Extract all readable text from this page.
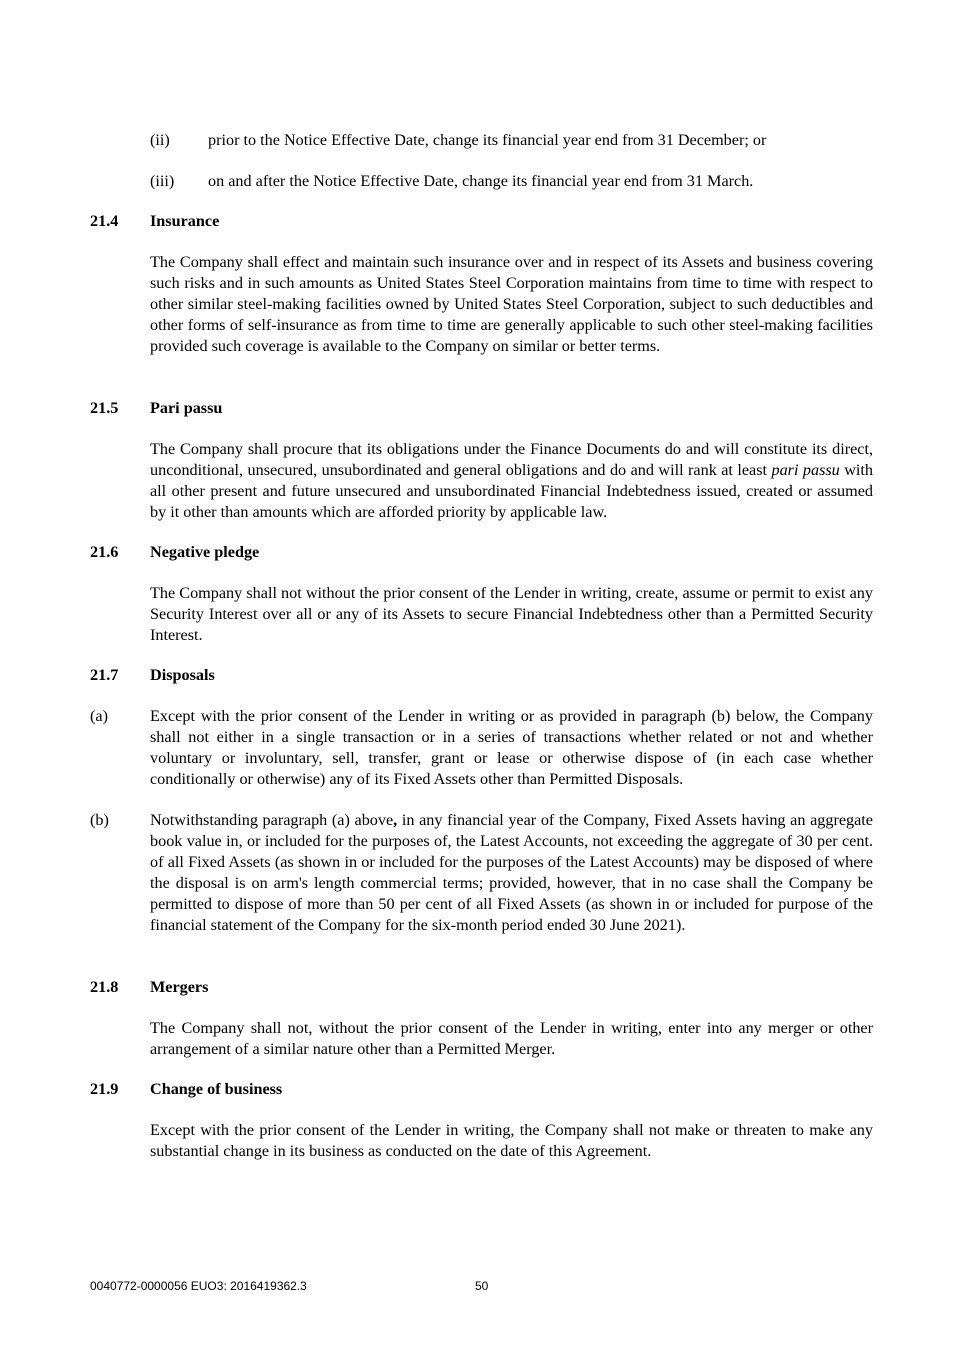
(ii) prior to the Notice Effective Date, change its financial year end from 31 December; or
(iii) on and after the Notice Effective Date, change its financial year end from 31 March.
21.4 Insurance

The Company shall effect and maintain such insurance over and in respect of its Assets and business covering such risks and in such amounts as United States Steel Corporation maintains from time to time with respect to other similar steel-making facilities owned by United States Steel Corporation, subject to such deductibles and other forms of self-insurance as from time to time are generally applicable to such other steel-making facilities provided such coverage is available to the Company on similar or better terms.

21.5 Pari passu

The Company shall procure that its obligations under the Finance Documents do and will constitute its direct, unconditional, unsecured, unsubordinated and general obligations and do and will rank at least pari passu with all other present and future unsecured and unsubordinated Financial Indebtedness issued, created or assumed by it other than amounts which are afforded priority by applicable law.

21.6 Negative pledge

The Company shall not without the prior consent of the Lender in writing, create, assume or permit to exist any Security Interest over all or any of its Assets to secure Financial Indebtedness other than a Permitted Security Interest.

21.7 Disposals
(a)	Except with the prior consent of the Lender in writing or as provided in paragraph (b) below, the Company shall not either in a single transaction or in a series of transactions whether related or not and whether voluntary or involuntary, sell, transfer, grant or lease or otherwise dispose of (in each case whether conditionally or otherwise) any of its Fixed Assets other than Permitted Disposals.

(b)	Notwithstanding paragraph (a) above, in any financial year of the Company, Fixed Assets having an aggregate book value in, or included for the purposes of, the Latest Accounts, not exceeding the aggregate of 30 per cent. of all Fixed Assets (as shown in or included for the purposes of the Latest Accounts) may be disposed of where the disposal is on arm's length commercial terms; provided, however, that in no case shall the Company be permitted to dispose of more than 50 per cent of all Fixed Assets (as shown in or included for purpose of the financial statement of the Company for the six-month period ended 30 June 2021).

21.8 Mergers

The Company shall not, without the prior consent of the Lender in writing, enter into any merger or other arrangement of a similar nature other than a Permitted Merger.

21.9 Change of business

Except with the prior consent of the Lender in writing, the Company shall not make or threaten to make any substantial change in its business as conducted on the date of this Agreement.

0040772-0000056 EUO3: 2016419362.3	50
